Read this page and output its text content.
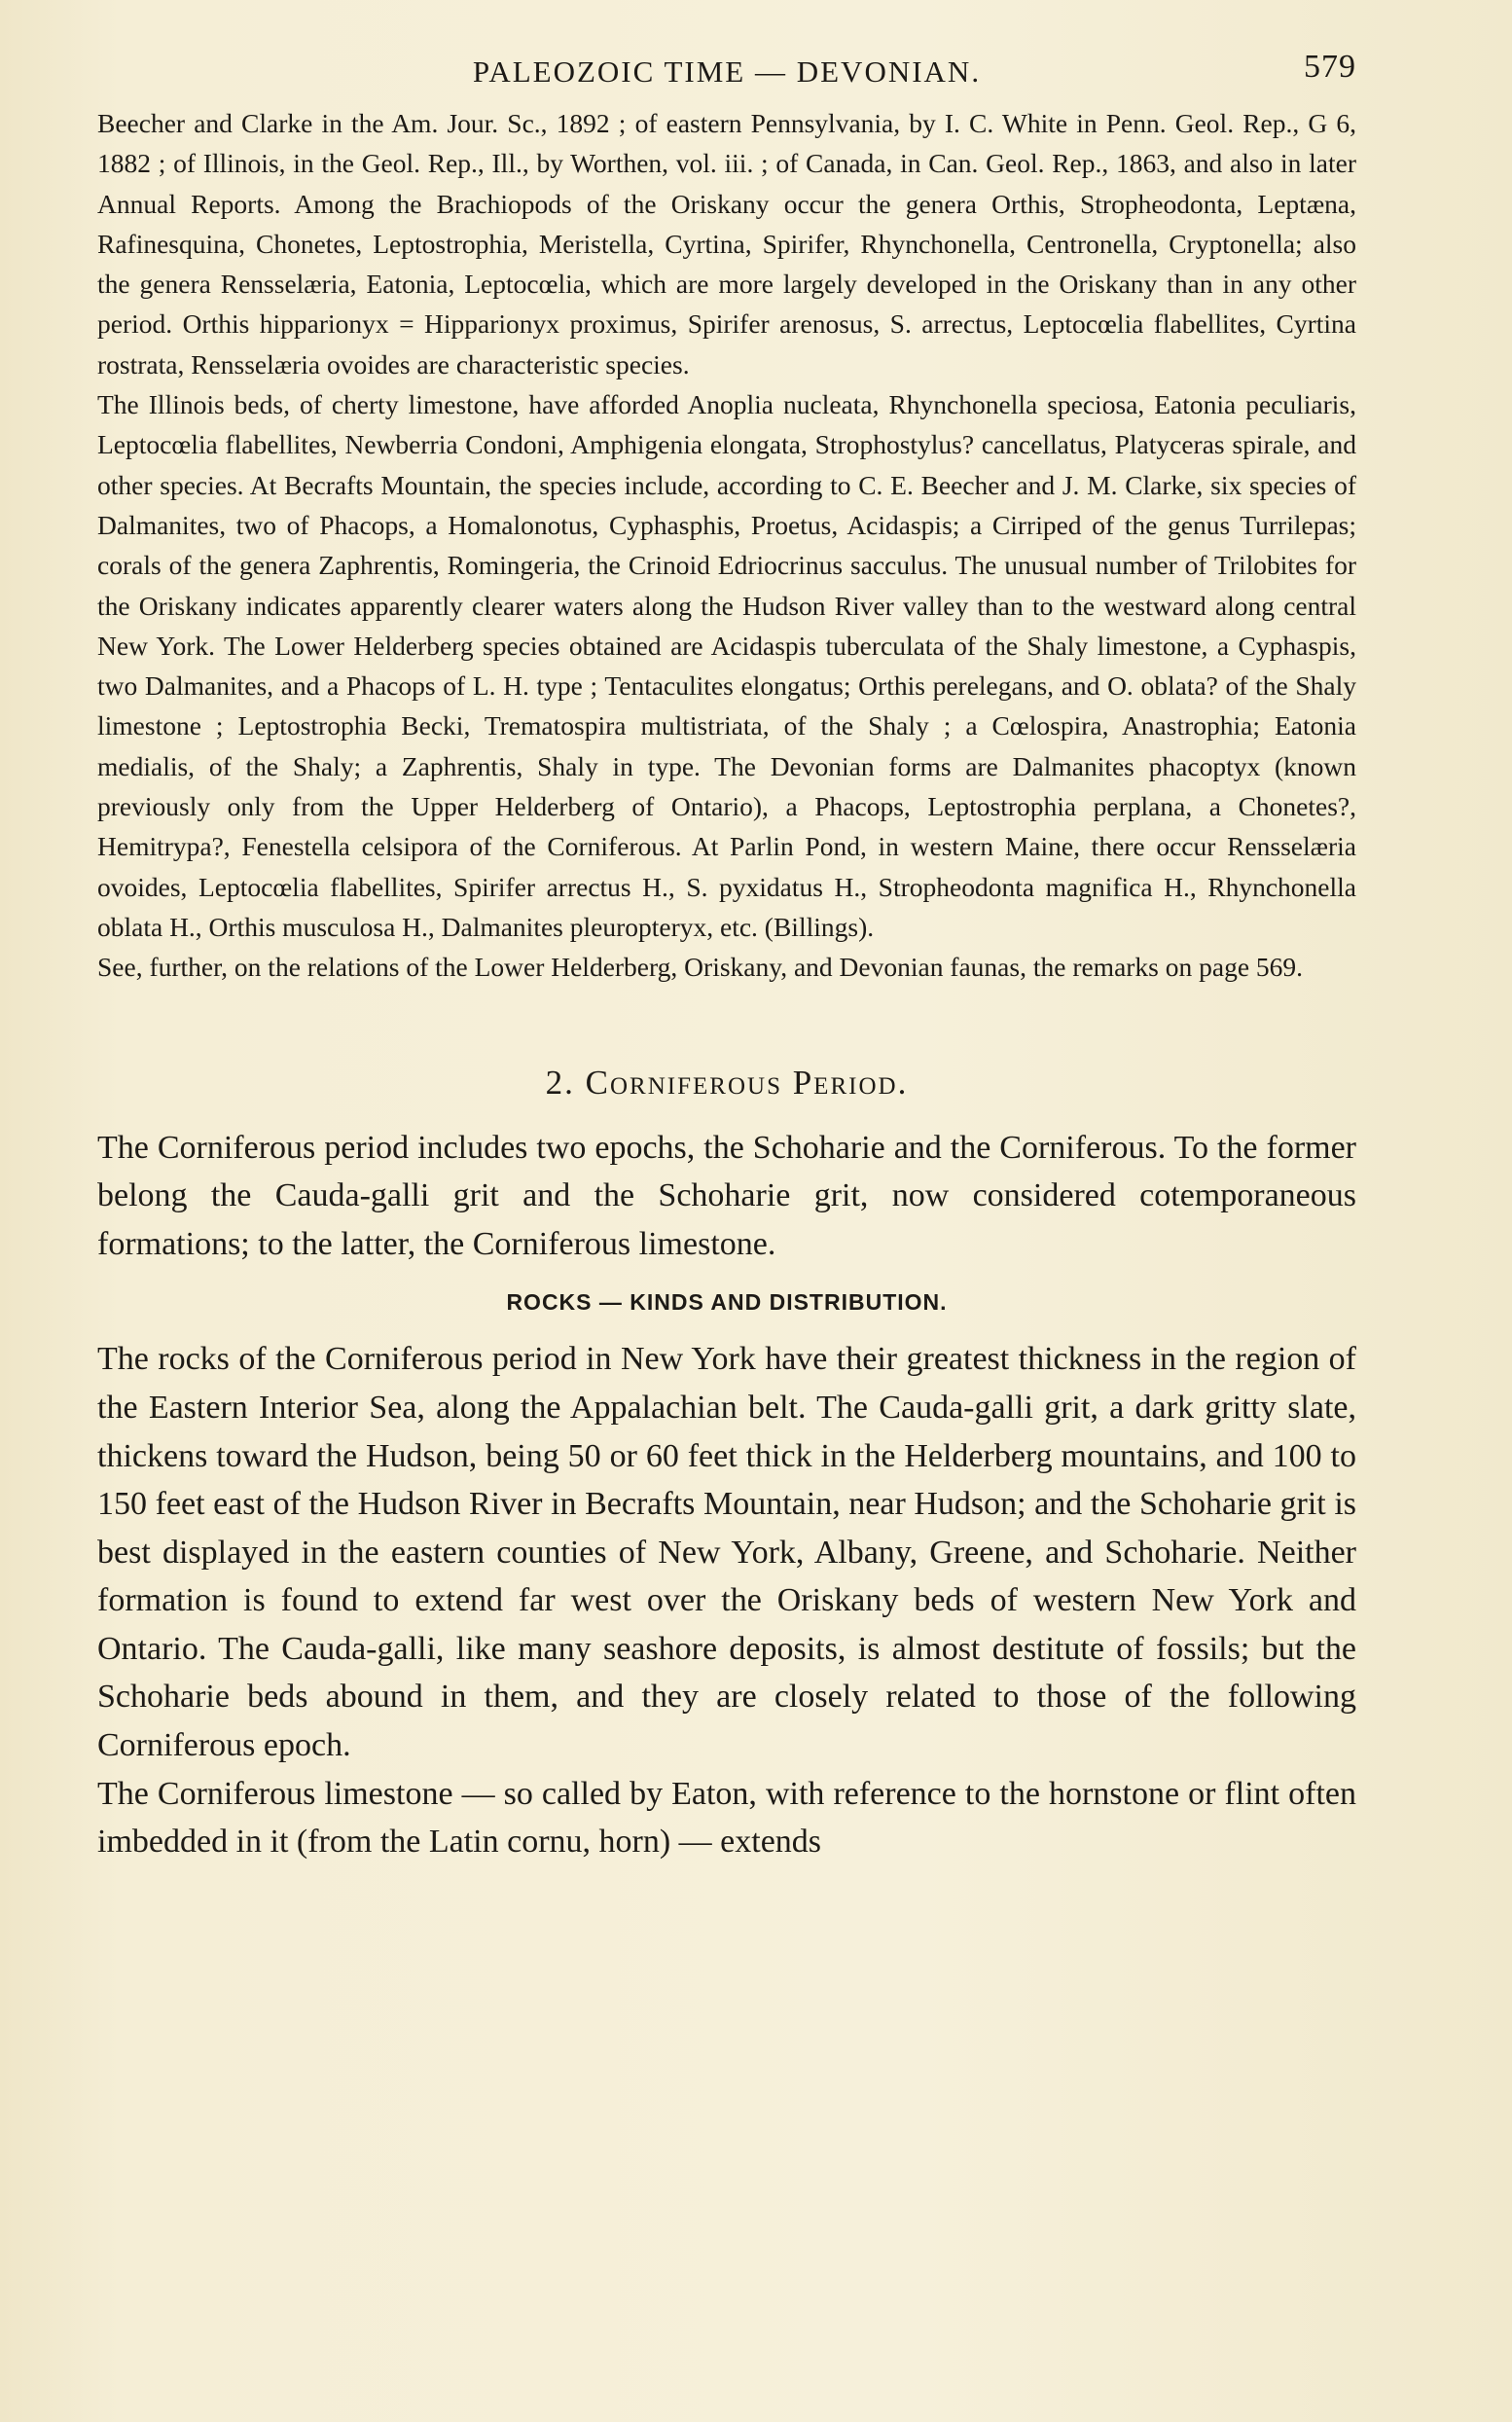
PALEOZOIC TIME — DEVONIAN.	579

Beecher and Clarke in the Am. Jour. Sc., 1892 ; of eastern Pennsylvania, by I. C. White in Penn. Geol. Rep., G 6, 1882 ; of Illinois, in the Geol. Rep., Ill., by Worthen, vol. iii. ; of Canada, in Can. Geol. Rep., 1863, and also in later Annual Reports. Among the Brachiopods of the Oriskany occur the genera Orthis, Stropheodonta, Leptæna, Rafinesquina, Chonetes, Leptostrophia, Meristella, Cyrtina, Spirifer, Rhynchonella, Centronella, Cryptonella; also the genera Rensselæria, Eatonia, Leptocœlia, which are more largely developed in the Oriskany than in any other period. Orthis hipparionyx = Hipparionyx proximus, Spirifer arenosus, S. arrectus, Leptocœlia flabellites, Cyrtina rostrata, Rensselæria ovoides are characteristic species.

The Illinois beds, of cherty limestone, have afforded Anoplia nucleata, Rhynchonella speciosa, Eatonia peculiaris, Leptocœlia flabellites, Newberria Condoni, Amphigenia elongata, Strophostylus? cancellatus, Platyceras spirale, and other species. At Becrafts Mountain, the species include, according to C. E. Beecher and J. M. Clarke, six species of Dalmanites, two of Phacops, a Homalonotus, Cyphasphis, Proetus, Acidaspis; a Cirriped of the genus Turrilepas; corals of the genera Zaphrentis, Romingeria, the Crinoid Edriocrinus sacculus. The unusual number of Trilobites for the Oriskany indicates apparently clearer waters along the Hudson River valley than to the westward along central New York. The Lower Helderberg species obtained are Acidaspis tuberculata of the Shaly limestone, a Cyphaspis, two Dalmanites, and a Phacops of L. H. type ; Tentaculites elongatus; Orthis perelegans, and O. oblata? of the Shaly limestone ; Leptostrophia Becki, Trematospira multistriata, of the Shaly ; a Cœlospira, Anastrophia; Eatonia medialis, of the Shaly; a Zaphrentis, Shaly in type. The Devonian forms are Dalmanites phacoptyx (known previously only from the Upper Helderberg of Ontario), a Phacops, Leptostrophia perplana, a Chonetes?, Hemitrypa?, Fenestella celsipora of the Corniferous. At Parlin Pond, in western Maine, there occur Rensselæria ovoides, Leptocœlia flabellites, Spirifer arrectus H., S. pyxidatus H., Stropheodonta magnifica H., Rhynchonella oblata H., Orthis musculosa H., Dalmanites pleuropteryx, etc. (Billings).

See, further, on the relations of the Lower Helderberg, Oriskany, and Devonian faunas, the remarks on page 569.

2. Corniferous Period.

The Corniferous period includes two epochs, the Schoharie and the Corniferous. To the former belong the Cauda-galli grit and the Schoharie grit, now considered cotemporaneous formations; to the latter, the Corniferous limestone.

ROCKS — KINDS AND DISTRIBUTION.

The rocks of the Corniferous period in New York have their greatest thickness in the region of the Eastern Interior Sea, along the Appalachian belt. The Cauda-galli grit, a dark gritty slate, thickens toward the Hudson, being 50 or 60 feet thick in the Helderberg mountains, and 100 to 150 feet east of the Hudson River in Becrafts Mountain, near Hudson; and the Schoharie grit is best displayed in the eastern counties of New York, Albany, Greene, and Schoharie. Neither formation is found to extend far west over the Oriskany beds of western New York and Ontario. The Cauda-galli, like many seashore deposits, is almost destitute of fossils; but the Schoharie beds abound in them, and they are closely related to those of the following Corniferous epoch.

The Corniferous limestone — so called by Eaton, with reference to the hornstone or flint often imbedded in it (from the Latin cornu, horn) — extends
